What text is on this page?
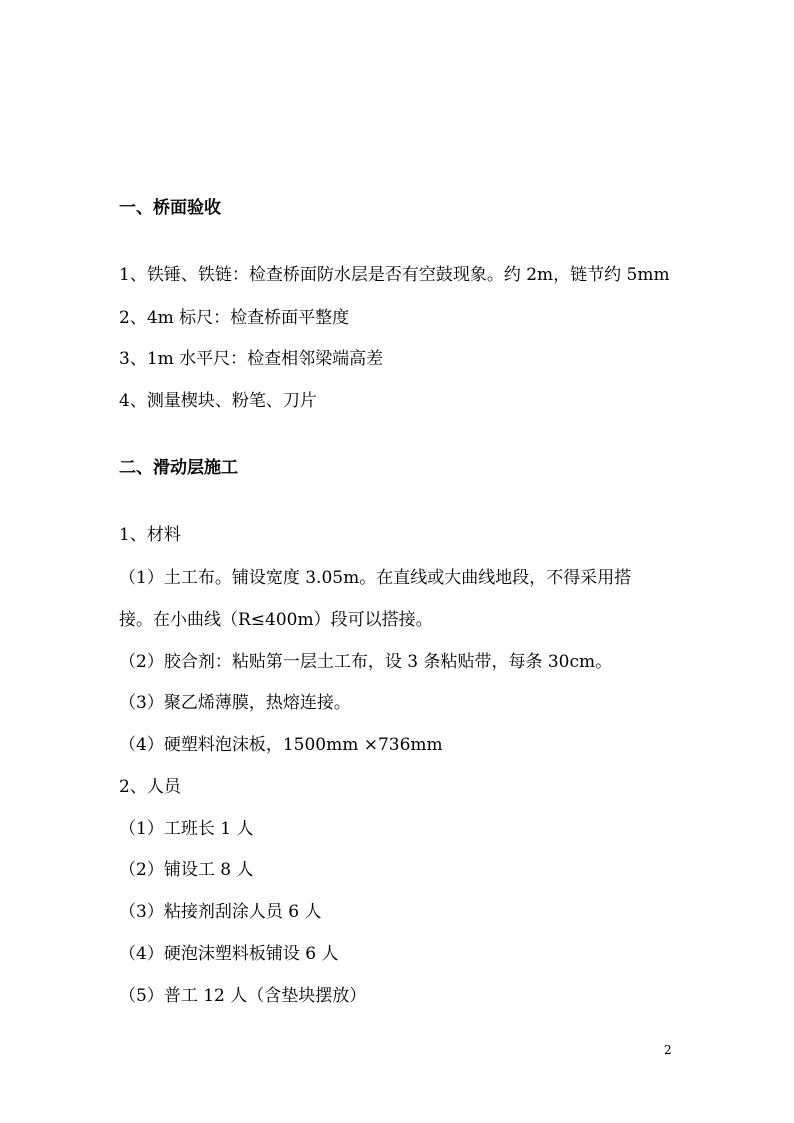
一、桥面验收
1、铁锤、铁链：检查桥面防水层是否有空鼓现象。约 2m，链节约 5mm
2、4m 标尺：检查桥面平整度
3、1m 水平尺：检查相邻梁端高差
4、测量楔块、粉笔、刀片
二、滑动层施工
1、材料
（1）土工布。铺设宽度 3.05m。在直线或大曲线地段，不得采用搭
接。在小曲线（R≤400m）段可以搭接。
（2）胶合剂：粘贴第一层土工布，设 3 条粘贴带，每条 30cm。
（3）聚乙烯薄膜，热熔连接。
（4）硬塑料泡沫板，1500mm ×736mm
2、人员
（1）工班长 1 人
（2）铺设工 8 人
（3）粘接剂刮涂人员 6 人
（4）硬泡沫塑料板铺设 6 人
（5）普工 12 人（含垫块摆放）
2
